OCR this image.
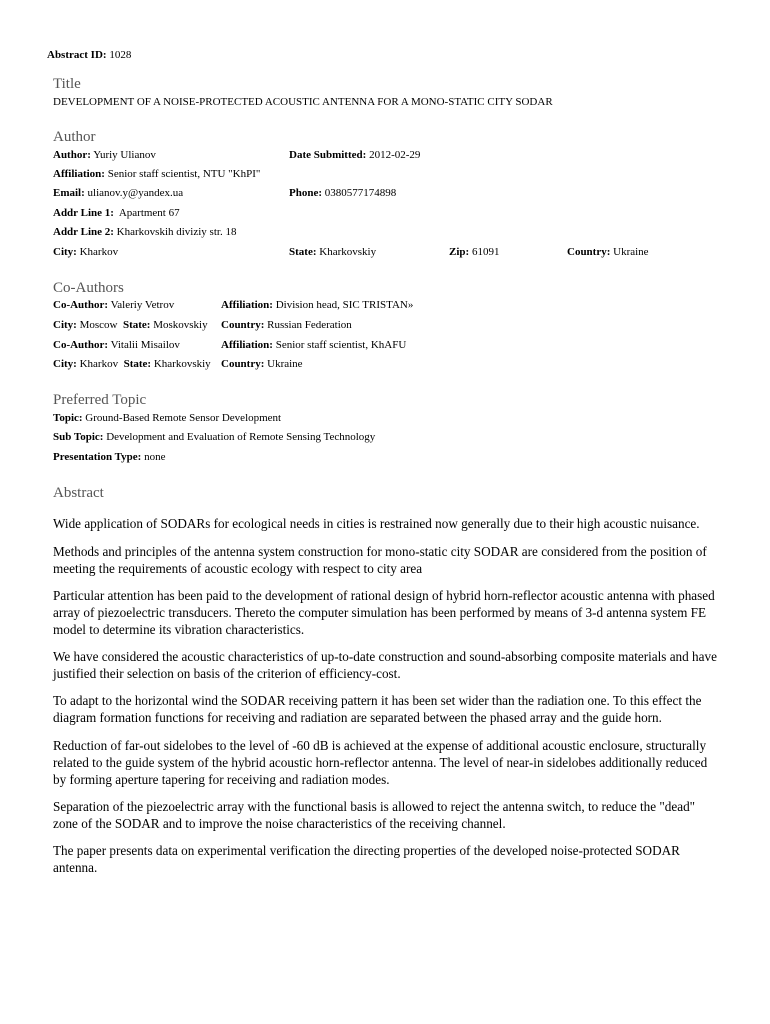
Abstract ID: 1028
Title
DEVELOPMENT OF A NOISE-PROTECTED ACOUSTIC ANTENNA FOR A MONO-STATIC CITY SODAR
Author
Author: Yuriy Ulianov	Date Submitted: 2012-02-29
Affiliation: Senior staff scientist, NTU "KhPI"
Email: ulianov.y@yandex.ua	Phone: 0380577174898
Addr Line 1: Apartment 67
Addr Line 2: Kharkovskih diviziy str. 18
City: Kharkov	State: Kharkovskiy	Zip: 61091	Country: Ukraine
Co-Authors
Co-Author: Valeriy Vetrov	Affiliation: Division head, SIC TRISTAN»
City: Moscow State: Moskovskiy Country: Russian Federation
Co-Author: Vitalii Misailov	Affiliation: Senior staff scientist, KhAFU
City: Kharkov State: Kharkovskiy Country: Ukraine
Preferred Topic
Topic: Ground-Based Remote Sensor Development
Sub Topic: Development and Evaluation of Remote Sensing Technology
Presentation Type: none
Abstract
Wide application of SODARs for ecological needs in cities is restrained now generally due to their high acoustic nuisance.
Methods and principles of the antenna system construction for mono-static city SODAR are considered from the position of meeting the requirements of acoustic ecology with respect to city area
Particular attention has been paid to the development of rational design of hybrid horn-reflector acoustic antenna with phased array of piezoelectric transducers. Thereto the computer simulation has been performed by means of 3-d antenna system FE model to determine its vibration characteristics.
We have considered the acoustic characteristics of up-to-date construction and sound-absorbing composite materials and have justified their selection on basis of the criterion of efficiency-cost.
To adapt to the horizontal wind the SODAR receiving pattern it has been set wider than the radiation one. To this effect the diagram formation functions for receiving and radiation are separated between the phased array and the guide horn.
Reduction of far-out sidelobes to the level of -60 dB is achieved at the expense of additional acoustic enclosure, structurally related to the guide system of the hybrid acoustic horn-reflector antenna. The level of near-in sidelobes additionally reduced by forming aperture tapering for receiving and radiation modes.
Separation of the piezoelectric array with the functional basis is allowed to reject the antenna switch, to reduce the "dead" zone of the SODAR and to improve the noise characteristics of the receiving channel.
The paper presents data on experimental verification the directing properties of the developed noise-protected SODAR antenna.
